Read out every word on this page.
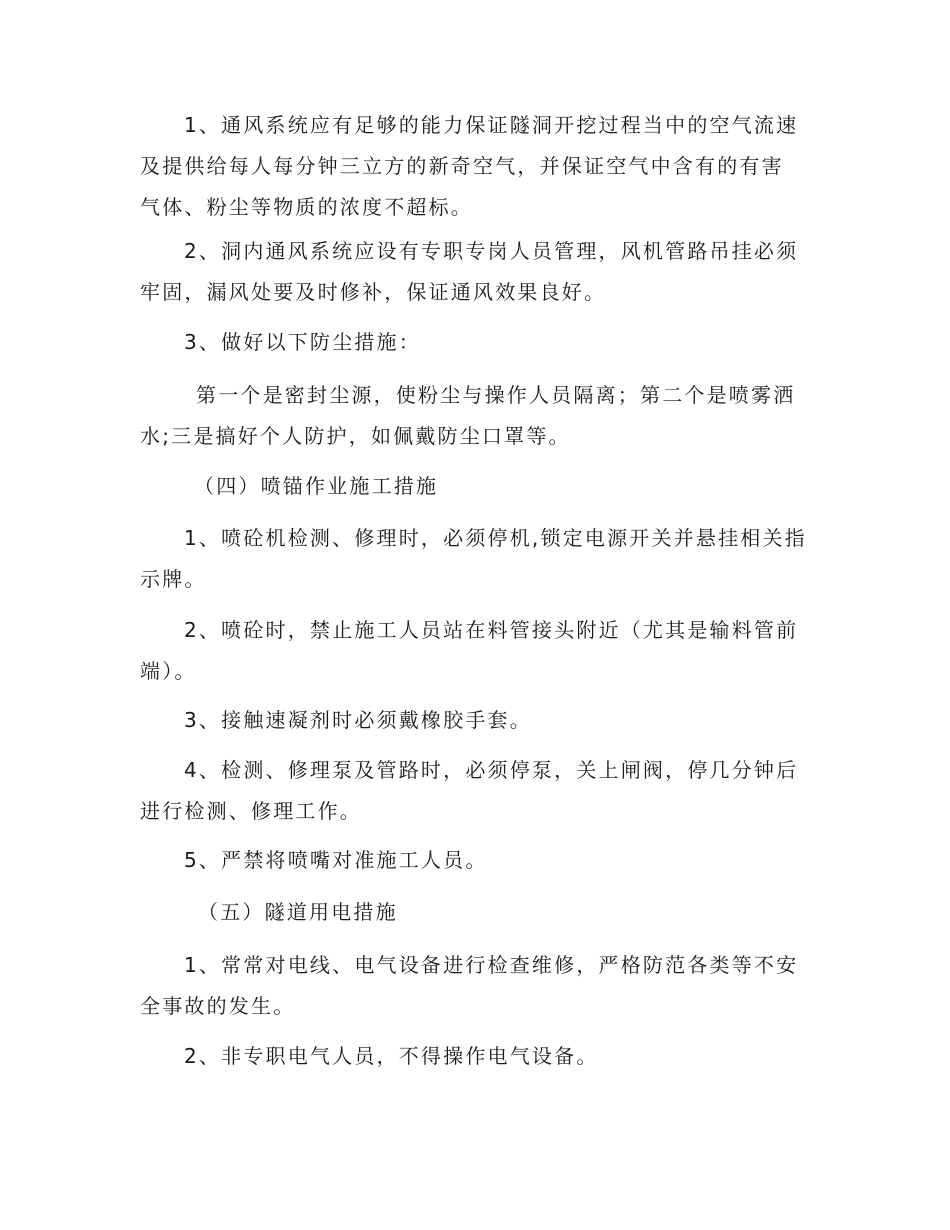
1、通风系统应有足够的能力保证隧洞开挖过程当中的空气流速及提供给每人每分钟三立方的新奇空气，并保证空气中含有的有害气体、粉尘等物质的浓度不超标。

2、洞内通风系统应设有专职专岗人员管理，风机管路吊挂必须牢固，漏风处要及时修补，保证通风效果良好。

3、做好以下防尘措施：

第一个是密封尘源，使粉尘与操作人员隔离；第二个是喷雾洒水;三是搞好个人防护，如佩戴防尘口罩等。

（四）喷锚作业施工措施

1、喷砼机检测、修理时，必须停机,锁定电源开关并悬挂相关指示牌。

2、喷砼时，禁止施工人员站在料管接头附近（尤其是输料管前端）。

3、接触速凝剂时必须戴橡胶手套。

4、检测、修理泵及管路时，必须停泵，关上闸阀，停几分钟后进行检测、修理工作。

5、严禁将喷嘴对准施工人员。

（五）隧道用电措施

1、常常对电线、电气设备进行检查维修，严格防范各类等不安全事故的发生。

2、非专职电气人员，不得操作电气设备。
